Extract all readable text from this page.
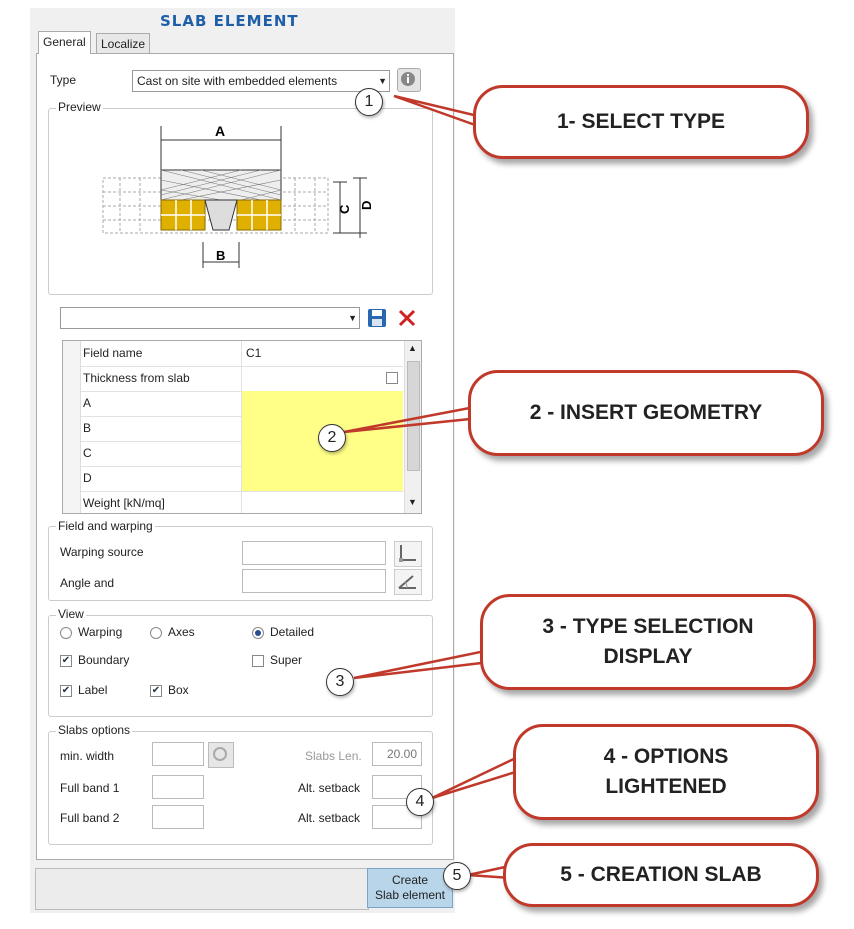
SLAB ELEMENT
General	Localize
Type	Cast on site with embedded elements	▼
Preview
A
B
C D
▼
Field name	C1
Thickness from slab
A
B
C
D
Weight [kN/mq]
▲
▼
Field and warping
Warping source
Angle and
View
Warping	Axes	Detailed
✔ Boundary	Super
✔ Label	✔ Box
Slabs options
min. width	Slabs Len.	20.00
Full band 1	Alt. setback
Full band 2	Alt. setback
Create
Slab element
1- SELECT TYPE
2 - INSERT GEOMETRY
3 - TYPE SELECTION
DISPLAY
4 - OPTIONS
LIGHTENED
5 - CREATION SLAB
1
2
3
4
5
